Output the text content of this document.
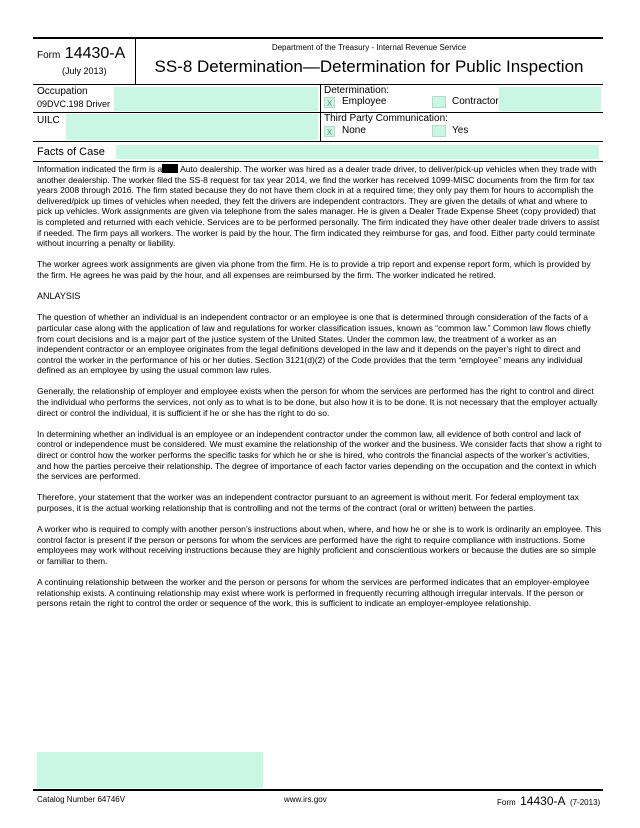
Form 14430-A
(July 2013)
Department of the Treasury - Internal Revenue Service
SS-8 Determination—Determination for Public Inspection
Occupation
09DVC.198 Driver
Determination:
X Employee	Contractor
UILC	Third Party Communication:
X None	Yes
Facts of Case

Information indicated the firm is a Auto dealership. The worker was hired as a dealer trade driver, to deliver/pick-up vehicles when they trade with another dealership. The worker filed the SS-8 request for tax year 2014, we find the worker has received 1099-MISC documents from the firm for tax years 2008 through 2016. The firm stated because they do not have them clock in at a required time; they only pay them for hours to accomplish the delivered/pick up times of vehicles when needed, they felt the drivers are independent contractors. They are given the details of what and where to pick up vehicles. Work assignments are given via telephone from the sales manager. He is given a Dealer Trade Expense Sheet (copy provided) that is completed and returned with each vehicle. Services are to be performed personally. The firm indicated they have other dealer trade drivers to assist if needed. The firm pays all workers. The worker is paid by the hour. The firm indicated they reimburse for gas, and food. Either party could terminate without incurring a penalty or liability.

The worker agrees work assignments are given via phone from the firm. He is to provide a trip report and expense report form, which is provided by the firm. He agrees he was paid by the hour, and all expenses are reimbursed by the firm. The worker indicated he retired.

ANLAYSIS

The question of whether an individual is an independent contractor or an employee is one that is determined through consideration of the facts of a particular case along with the application of law and regulations for worker classification issues, known as “common law.” Common law flows chiefly from court decisions and is a major part of the justice system of the United States. Under the common law, the treatment of a worker as an independent contractor or an employee originates from the legal definitions developed in the law and it depends on the payer’s right to direct and control the worker in the performance of his or her duties. Section 3121(d)(2) of the Code provides that the term “employee” means any individual defined as an employee by using the usual common law rules.

Generally, the relationship of employer and employee exists when the person for whom the services are performed has the right to control and direct the individual who performs the services, not only as to what is to be done, but also how it is to be done. It is not necessary that the employer actually direct or control the individual, it is sufficient if he or she has the right to do so.

In determining whether an individual is an employee or an independent contractor under the common law, all evidence of both control and lack of control or independence must be considered. We must examine the relationship of the worker and the business. We consider facts that show a right to direct or control how the worker performs the specific tasks for which he or she is hired, who controls the financial aspects of the worker’s activities, and how the parties perceive their relationship. The degree of importance of each factor varies depending on the occupation and the context in which the services are performed.

Therefore, your statement that the worker was an independent contractor pursuant to an agreement is without merit. For federal employment tax purposes, it is the actual working relationship that is controlling and not the terms of the contract (oral or written) between the parties.

A worker who is required to comply with another person’s instructions about when, where, and how he or she is to work is ordinarily an employee. This control factor is present if the person or persons for whom the services are performed have the right to require compliance with instructions. Some employees may work without receiving instructions because they are highly proficient and conscientious workers or because the duties are so simple or familiar to them.

A continuing relationship between the worker and the person or persons for whom the services are performed indicates that an employer-employee relationship exists. A continuing relationship may exist where work is performed in frequently recurring although irregular intervals. If the person or persons retain the right to control the order or sequence of the work, this is sufficient to indicate an employer-employee relationship.

Catalog Number 64746V	www.irs.gov	Form 14430-A (7-2013)
